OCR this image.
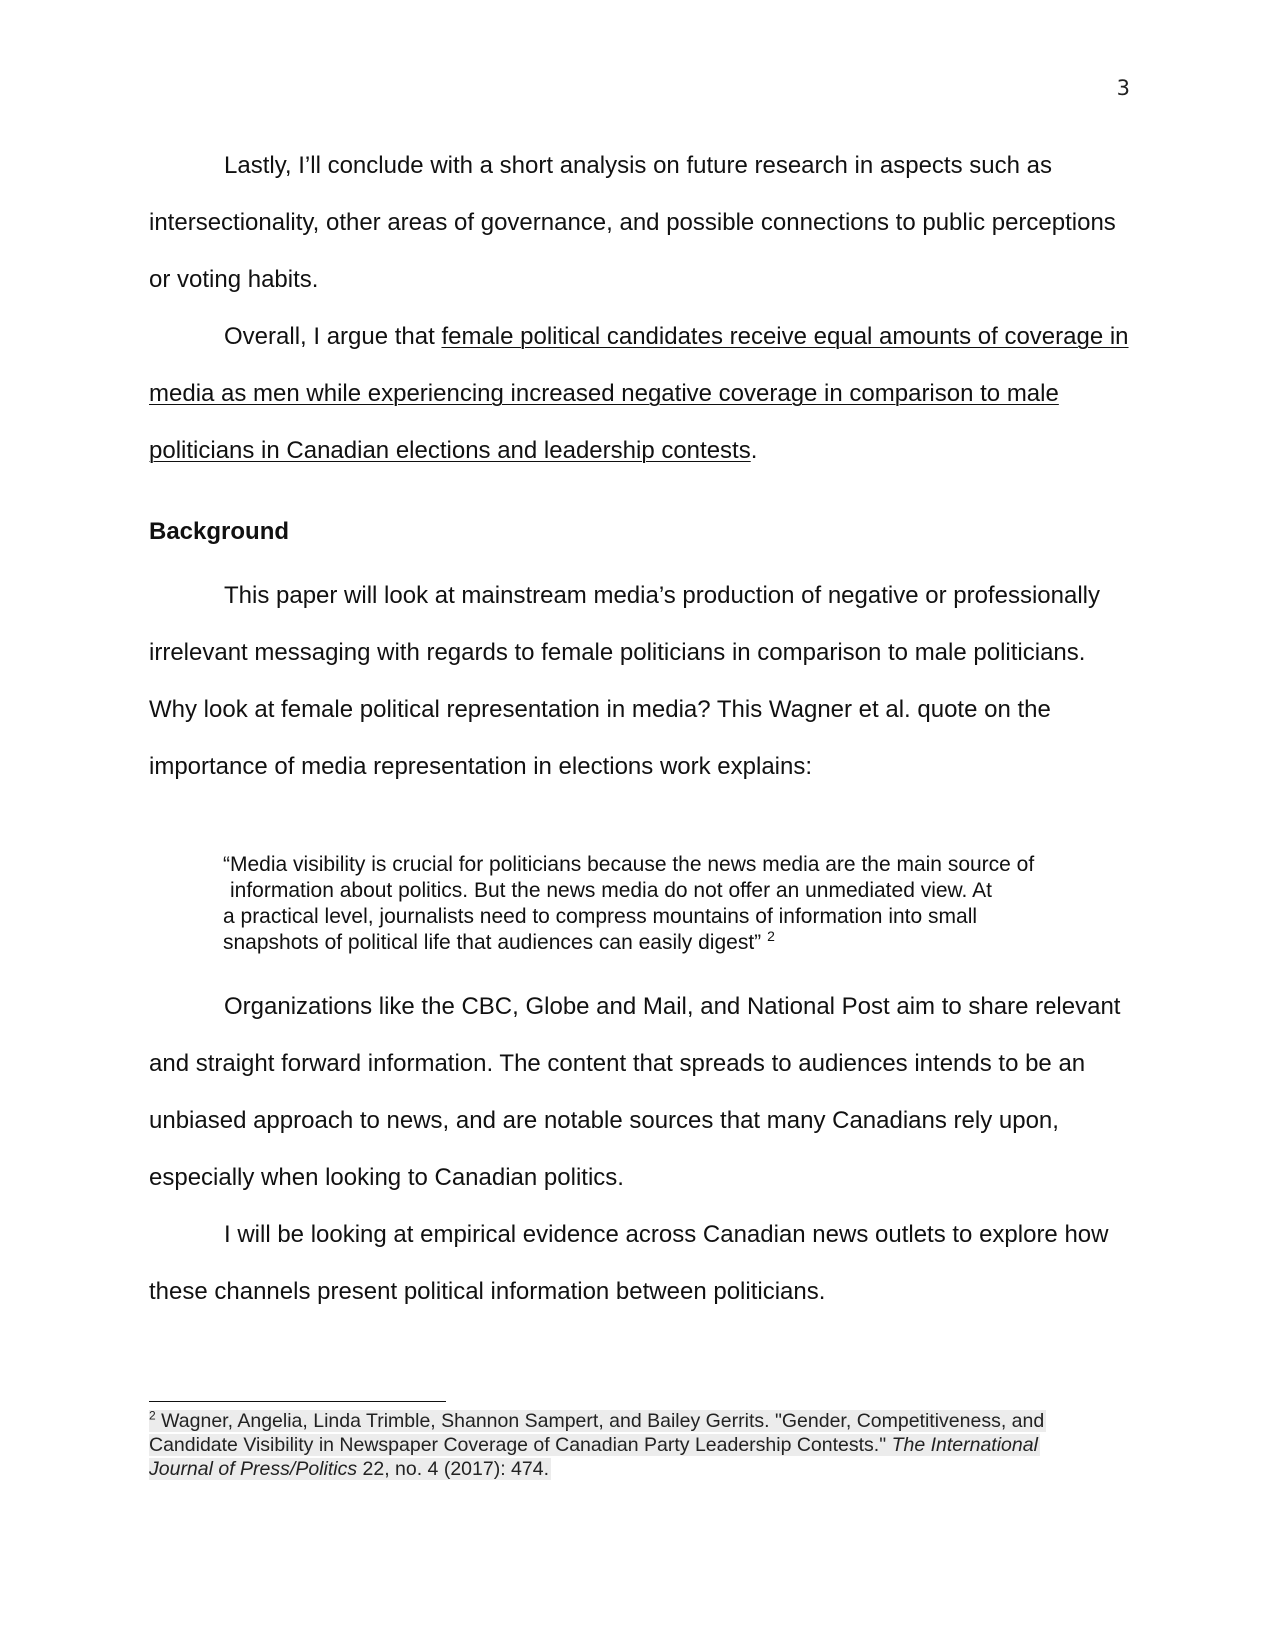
3

Lastly, I’ll conclude with a short analysis on future research in aspects such as intersectionality, other areas of governance, and possible connections to public perceptions or voting habits.

Overall, I argue that female political candidates receive equal amounts of coverage in media as men while experiencing increased negative coverage in comparison to male politicians in Canadian elections and leadership contests.

Background

This paper will look at mainstream media’s production of negative or professionally irrelevant messaging with regards to female politicians in comparison to male politicians. Why look at female political representation in media? This Wagner et al. quote on the importance of media representation in elections work explains:

“Media visibility is crucial for politicians because the news media are the main source of
information about politics. But the news media do not offer an unmediated view. At
a practical level, journalists need to compress mountains of information into small
snapshots of political life that audiences can easily digest” $^2$

Organizations like the CBC, Globe and Mail, and National Post aim to share relevant and straight forward information. The content that spreads to audiences intends to be an unbiased approach to news, and are notable sources that many Canadians rely upon, especially when looking to Canadian politics.

I will be looking at empirical evidence across Canadian news outlets to explore how these channels present political information between politicians.

$^2$ Wagner, Angelia, Linda Trimble, Shannon Sampert, and Bailey Gerrits. "Gender, Competitiveness, and
Candidate Visibility in Newspaper Coverage of Canadian Party Leadership Contests." The International
Journal of Press/Politics 22, no. 4 (2017): 474.
